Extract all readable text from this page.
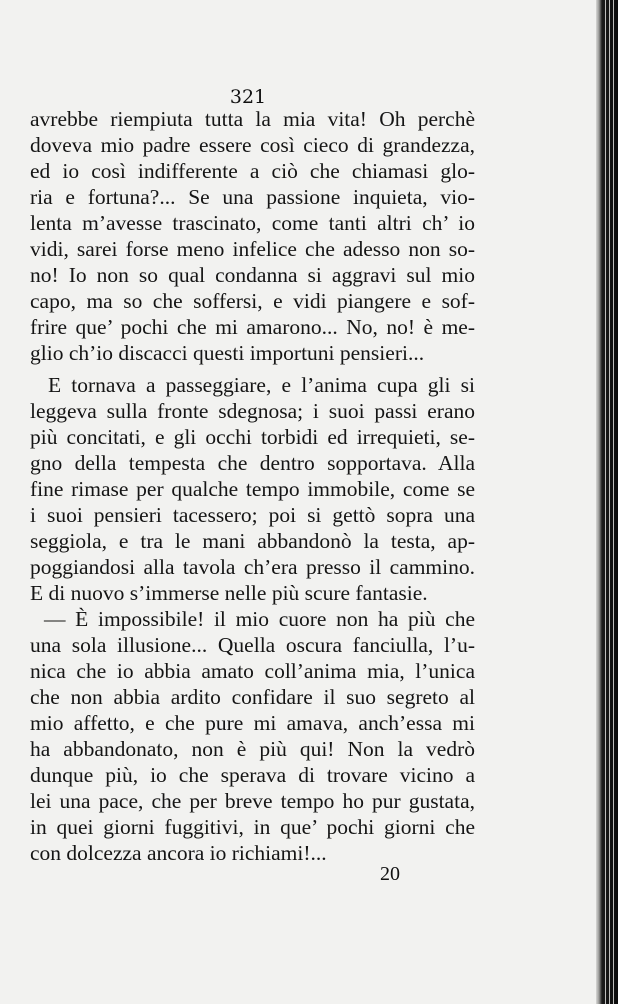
321

avrebbe riempiuta tutta la mia vita! Oh perchè

doveva mio padre essere così cieco di grandezza,

ed io così indifferente a ciò che chiamasi glo-

ria e fortuna?... Se una passione inquieta, vio-

lenta m’avesse trascinato, come tanti altri ch’ io

vidi, sarei forse meno infelice che adesso non so-

no! Io non so qual condanna si aggravi sul mio

capo, ma so che soffersi, e vidi piangere e sof-

frire que’ pochi che mi amarono... No, no! è me-

glio ch’io discacci questi importuni pensieri...

E tornava a passeggiare, e l’anima cupa gli si

leggeva sulla fronte sdegnosa; i suoi passi erano

più concitati, e gli occhi torbidi ed irrequieti, se-

gno della tempesta che dentro sopportava. Alla

fine rimase per qualche tempo immobile, come se

i suoi pensieri tacessero; poi si gettò sopra una

seggiola, e tra le mani abbandonò la testa, ap-

poggiandosi alla tavola ch’era presso il cammino.

E di nuovo s’immerse nelle più scure fantasie.

— È impossibile! il mio cuore non ha più che

una sola illusione... Quella oscura fanciulla, l’u-

nica che io abbia amato coll’anima mia, l’unica

che non abbia ardito confidare il suo segreto al

mio affetto, e che pure mi amava, anch’essa mi

ha abbandonato, non è più qui! Non la vedrò

dunque più, io che sperava di trovare vicino a

lei una pace, che per breve tempo ho pur gustata,

in quei giorni fuggitivi, in que’ pochi giorni che

con dolcezza ancora io richiami!...

20
